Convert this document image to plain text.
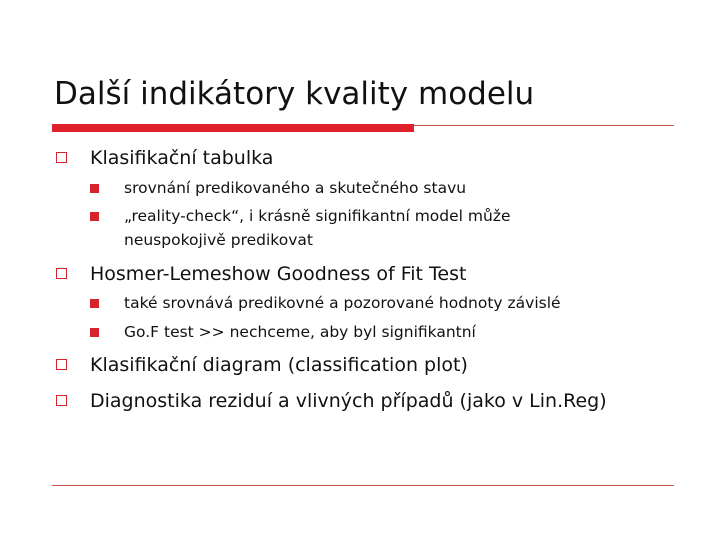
Další indikátory kvality modelu
Klasifikační tabulka
srovnání predikovaného a skutečného stavu
„reality-check“, i krásně signifikantní model může
neuspokojivě predikovat
Hosmer-Lemeshow Goodness of Fit Test
také srovnává predikovné a pozorované hodnoty závislé
Go.F test >> nechceme, aby byl signifikantní
Klasifikační diagram (classification plot)
Diagnostika reziduí a vlivných případů (jako v Lin.Reg)
